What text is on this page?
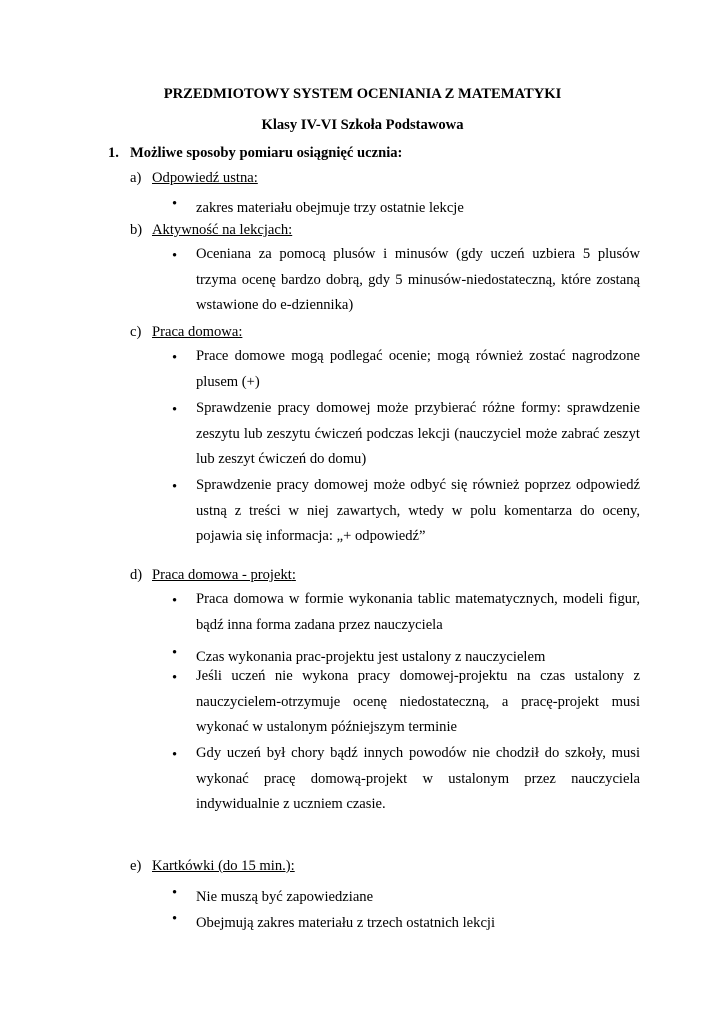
PRZEDMIOTOWY SYSTEM OCENIANIA Z MATEMATYKI
Klasy IV-VI Szkoła Podstawowa
1. Możliwe sposoby pomiaru osiągnięć ucznia:
a) Odpowiedź ustna:
• zakres materiału obejmuje trzy ostatnie lekcje
b) Aktywność na lekcjach:
• Oceniana za pomocą plusów i minusów (gdy uczeń uzbiera 5 plusów trzyma ocenę bardzo dobrą, gdy 5 minusów-niedostateczną, które zostaną wstawione do e-dziennika)
c) Praca domowa:
• Prace domowe mogą podlegać ocenie; mogą również zostać nagrodzone plusem (+)
• Sprawdzenie pracy domowej może przybierać różne formy: sprawdzenie zeszytu lub zeszytu ćwiczeń podczas lekcji (nauczyciel może zabrać zeszyt lub zeszyt ćwiczeń do domu)
• Sprawdzenie pracy domowej może odbyć się również poprzez odpowiedź ustną z treści w niej zawartych, wtedy w polu komentarza do oceny, pojawia się informacja: „+ odpowiedź”
d) Praca domowa - projekt:
• Praca domowa w formie wykonania tablic matematycznych, modeli figur, bądź inna forma zadana przez nauczyciela
• Czas wykonania prac-projektu jest ustalony z nauczycielem
• Jeśli uczeń nie wykona pracy domowej-projektu na czas ustalony z nauczycielem-otrzymuje ocenę niedostateczną, a pracę-projekt musi wykonać w ustalonym późniejszym terminie
• Gdy uczeń był chory bądź innych powodów nie chodził do szkoły, musi wykonać pracę domową-projekt w ustalonym przez nauczyciela indywidualnie z uczniem czasie.
e) Kartkówki (do 15 min.):
• Nie muszą być zapowiedziane
• Obejmują zakres materiału z trzech ostatnich lekcji
